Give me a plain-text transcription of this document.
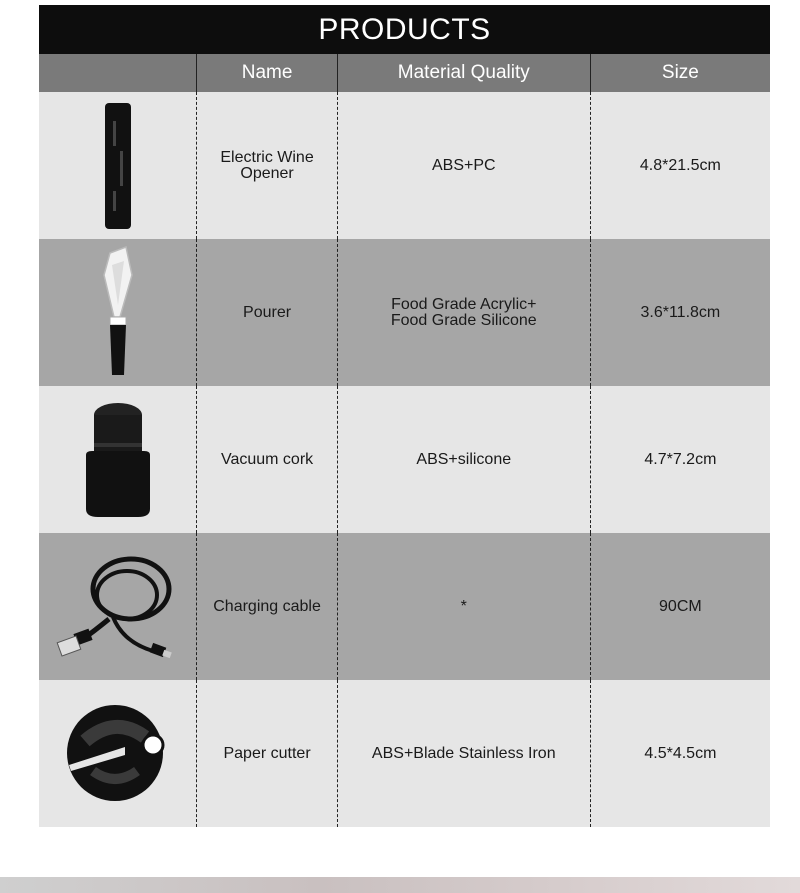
PRODUCTS
Name	Material Quality	Size
Electric Wine Opener	ABS+PC	4.8*21.5cm
Pourer	Food Grade Acrylic+ Food Grade Silicone	3.6*11.8cm
Vacuum cork	ABS+silicone	4.7*7.2cm
Charging cable	*	90CM
Paper cutter	ABS+Blade Stainless Iron	4.5*4.5cm
